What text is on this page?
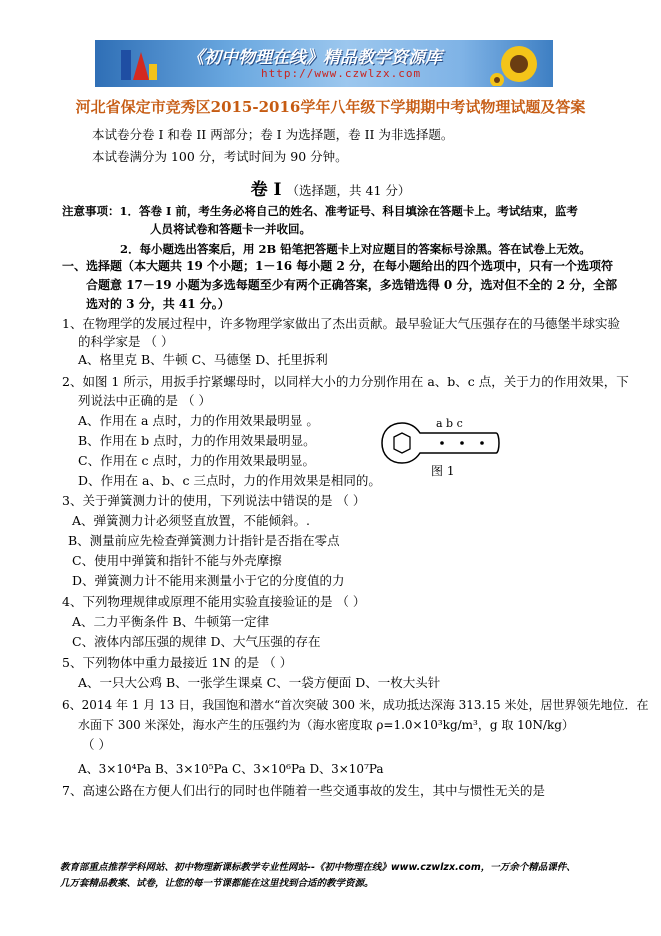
《初中物理在线》精品教学资源库
http://www.czwlzx.com
河北省保定市竞秀区2015-2016学年八年级下学期期中考试物理试题及答案
本试卷分卷 I 和卷 II 两部分；卷 I 为选择题，卷 II 为非选择题。
本试卷满分为 100 分，考试时间为 90 分钟。
卷 I （选择题，共 41 分）
注意事项：1．答卷 I 前，考生务必将自己的姓名、准考证号、科目填涂在答题卡上。考试结束，监考
人员将试卷和答题卡一并收回。
2．每小题选出答案后，用 2B 铅笔把答题卡上对应题目的答案标号涂黑。答在试卷上无效。
一、选择题（本大题共 19 个小题；1－16 每小题 2 分，在每小题给出的四个选项中，只有一个选项符
合题意 17－19 小题为多选每题至少有两个正确答案，多选错选得 0 分，选对但不全的 2 分，全部
选对的 3 分，共 41 分。）
1、在物理学的发展过程中，许多物理学家做出了杰出贡献。最早验证大气压强存在的马德堡半球实验
的科学家是 （ ）
A、格里克 B、牛顿 C、马德堡 D、托里拆利
2、如图 1 所示，用扳手拧紧螺母时，以同样大小的力分别作用在 a、b、c 点，关于力的作用效果，下
列说法中正确的是 （ ）
A、作用在 a 点时，力的作用效果最明显 。
B、作用在 b 点时，力的作用效果最明显。
C、作用在 c 点时，力的作用效果最明显。
D、作用在 a、b、c 三点时，力的作用效果是相同的。
a b c
图 1
3、关于弹簧测力计的使用，下列说法中错误的是 （ ）
A、弹簧测力计必须竖直放置，不能倾斜。.
B、测量前应先检查弹簧测力计指针是否指在零点
C、使用中弹簧和指针不能与外壳摩擦
D、弹簧测力计不能用来测量小于它的分度值的力
4、下列物理规律或原理不能用实验直接验证的是 （ ）
A、二力平衡条件 B、牛顿第一定律
C、液体内部压强的规律 D、大气压强的存在
5、下列物体中重力最接近 1N 的是 （ ）
A、一只大公鸡 B、一张学生课桌 C、一袋方便面 D、一枚大头针
6、2014 年 1 月 13 日，我国饱和潜水“首次突破 300 米，成功抵达深海 313.15 米处，居世界领先地位．在
水面下 300 米深处，海水产生的压强约为（海水密度取 ρ=1.0×10³kg/m³，g 取 10N/kg）
（ ）
A、3×10⁴Pa B、3×10⁵Pa C、3×10⁶Pa D、3×10⁷Pa
7、高速公路在方便人们出行的同时也伴随着一些交通事故的发生，其中与惯性无关的是
教育部重点推荐学科网站、初中物理新课标教学专业性网站--《初中物理在线》www.czwlzx.com，一万余个精品课件、
几万套精品教案、试卷，让您的每一节课都能在这里找到合适的教学资源。
